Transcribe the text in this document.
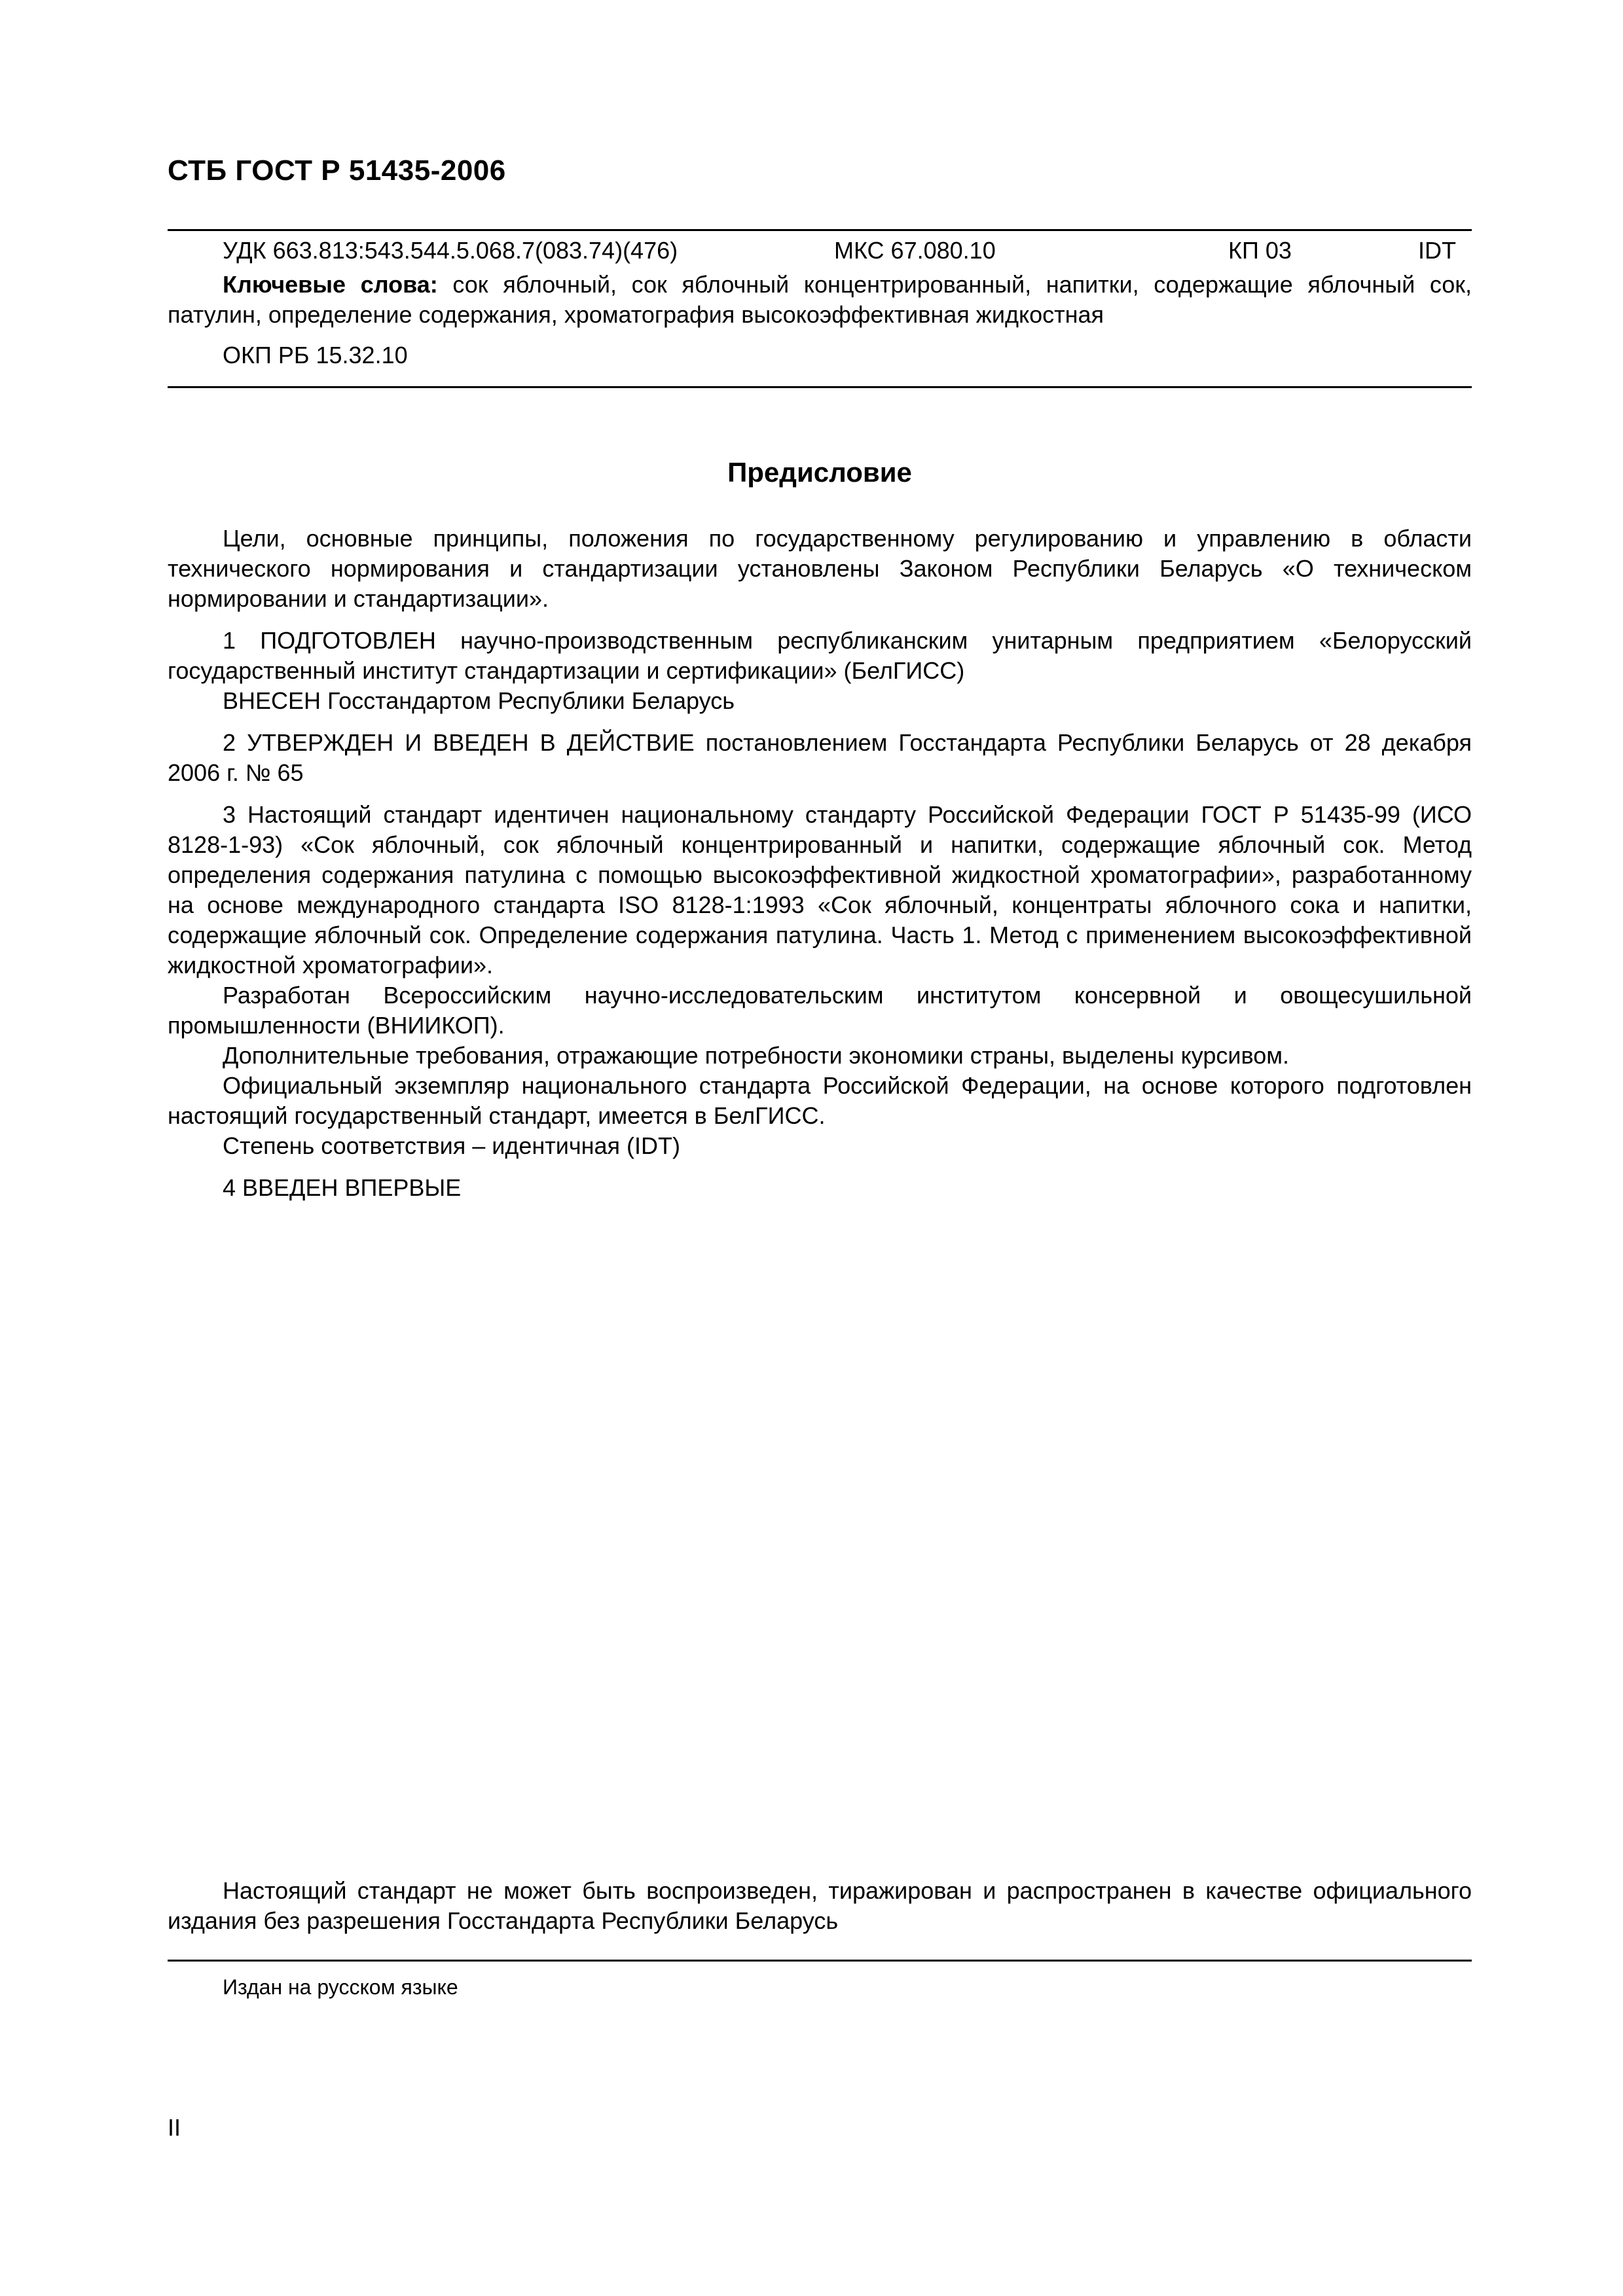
СТБ ГОСТ Р 51435-2006
УДК 663.813:543.544.5.068.7(083.74)(476)	МКС 67.080.10	КП 03	IDT
Ключевые слова: сок яблочный, сок яблочный концентрированный, напитки, содержащие яблочный сок, патулин, определение содержания, хроматография высокоэффективная жидкостная
ОКП РБ 15.32.10
Предисловие

Цели, основные принципы, положения по государственному регулированию и управлению в области технического нормирования и стандартизации установлены Законом Республики Беларусь «О техническом нормировании и стандартизации».

1 ПОДГОТОВЛЕН научно-производственным республиканским унитарным предприятием «Белорусский государственный институт стандартизации и сертификации» (БелГИСС)

ВНЕСЕН Госстандартом Республики Беларусь

2 УТВЕРЖДЕН И ВВЕДЕН В ДЕЙСТВИЕ постановлением Госстандарта Республики Беларусь от 28 декабря 2006 г. № 65

3 Настоящий стандарт идентичен национальному стандарту Российской Федерации ГОСТ Р 51435-99 (ИСО 8128-1-93) «Сок яблочный, сок яблочный концентрированный и напитки, содержащие яблочный сок. Метод определения содержания патулина с помощью высокоэффективной жидкостной хроматографии», разработанному на основе международного стандарта ISO 8128-1:1993 «Сок яблочный, концентраты яблочного сока и напитки, содержащие яблочный сок. Определение содержания патулина. Часть 1. Метод с применением высокоэффективной жидкостной хроматографии».

Разработан Всероссийским научно-исследовательским институтом консервной и овощесушильной промышленности (ВНИИКОП).

Дополнительные требования, отражающие потребности экономики страны, выделены курсивом.

Официальный экземпляр национального стандарта Российской Федерации, на основе которого подготовлен настоящий государственный стандарт, имеется в БелГИСС.

Степень соответствия – идентичная (IDT)

4 ВВЕДЕН ВПЕРВЫЕ

Настоящий стандарт не может быть воспроизведен, тиражирован и распространен в качестве официального издания без разрешения Госстандарта Республики Беларусь
Издан на русском языке
II
